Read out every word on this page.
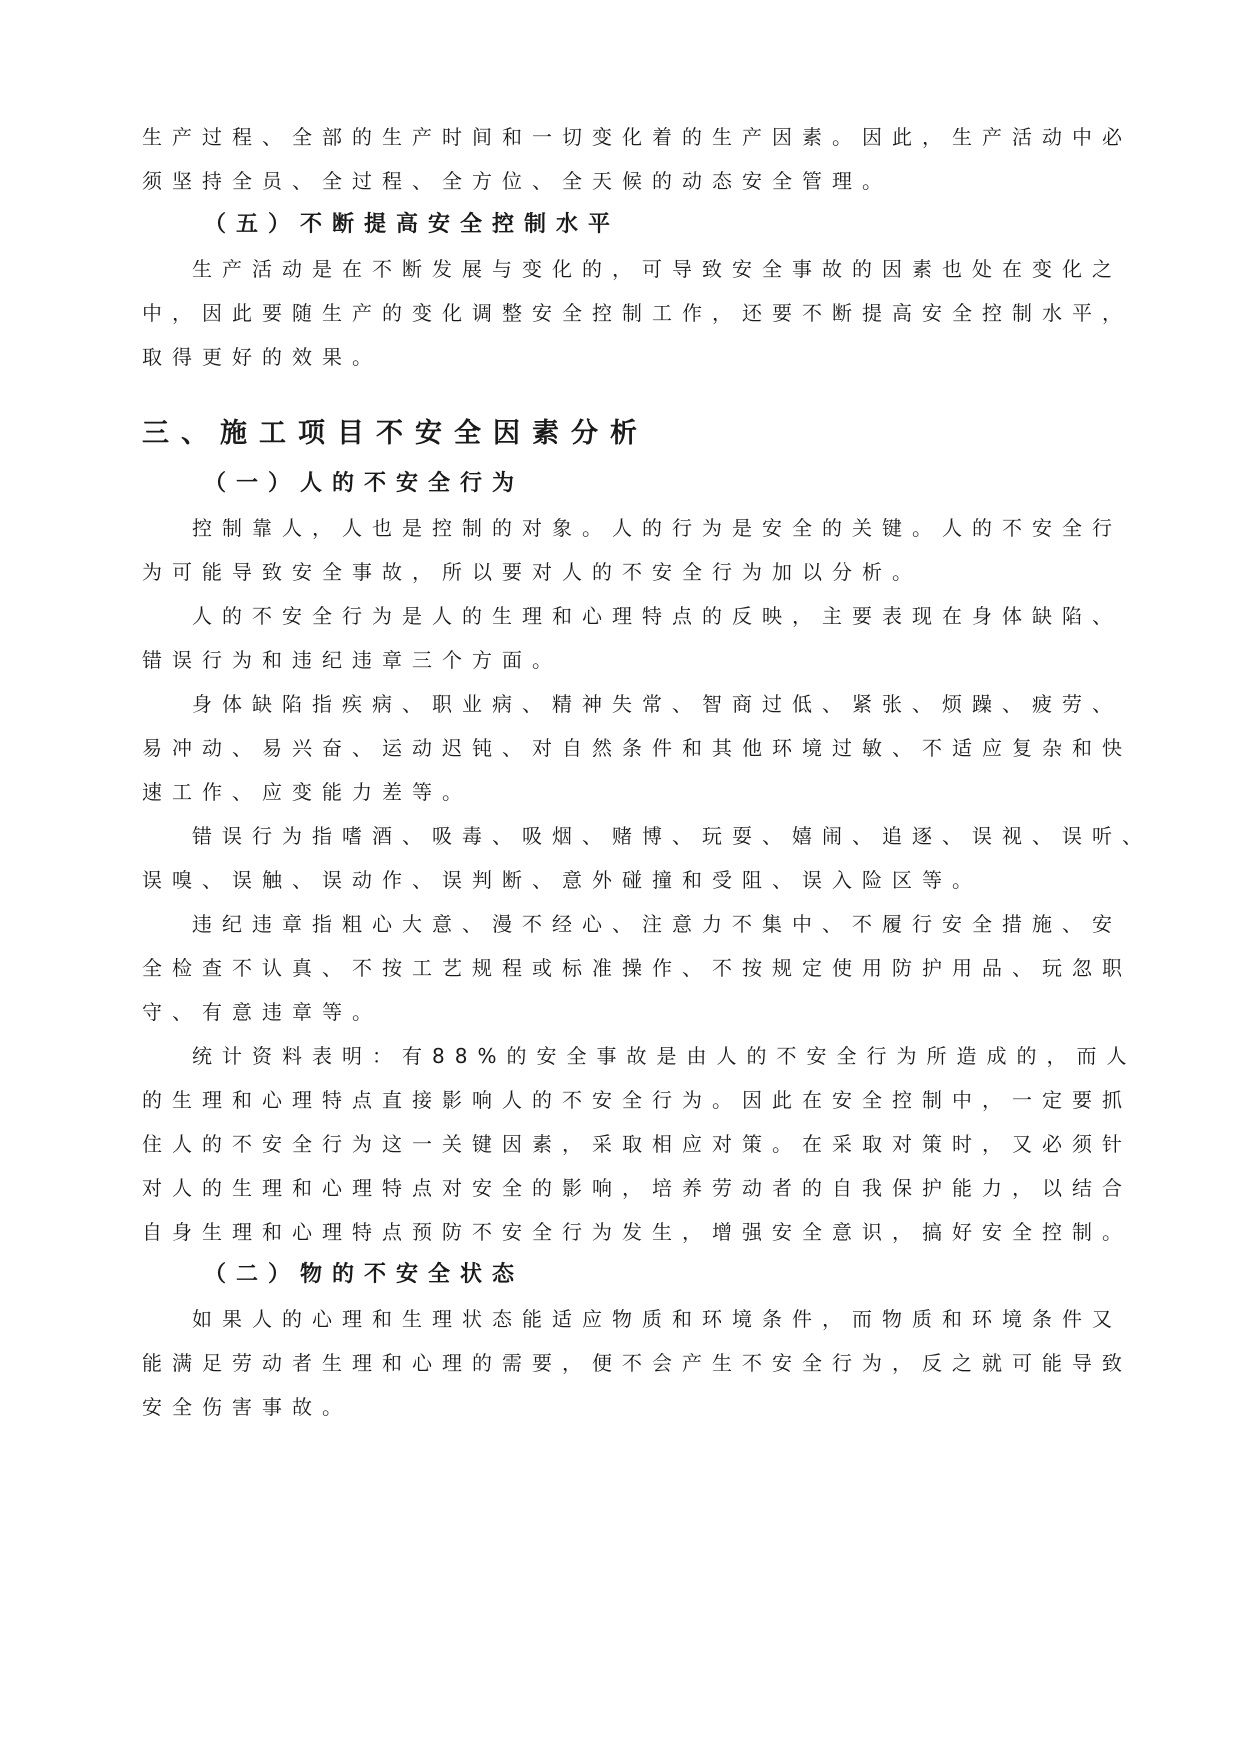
生产过程、全部的生产时间和一切变化着的生产因素。因此，生产活动中必
须坚持全员、全过程、全方位、全天候的动态安全管理。
（五）不断提高安全控制水平
生产活动是在不断发展与变化的，可导致安全事故的因素也处在变化之
中，因此要随生产的变化调整安全控制工作，还要不断提高安全控制水平，
取得更好的效果。
三、施工项目不安全因素分析
（一）人的不安全行为
控制靠人，人也是控制的对象。人的行为是安全的关键。人的不安全行
为可能导致安全事故，所以要对人的不安全行为加以分析。
人的不安全行为是人的生理和心理特点的反映，主要表现在身体缺陷、
错误行为和违纪违章三个方面。
身体缺陷指疾病、职业病、精神失常、智商过低、紧张、烦躁、疲劳、
易冲动、易兴奋、运动迟钝、对自然条件和其他环境过敏、不适应复杂和快
速工作、应变能力差等。
错误行为指嗜酒、吸毒、吸烟、赌博、玩耍、嬉闹、追逐、误视、误听、
误嗅、误触、误动作、误判断、意外碰撞和受阻、误入险区等。
违纪违章指粗心大意、漫不经心、注意力不集中、不履行安全措施、安
全检查不认真、不按工艺规程或标准操作、不按规定使用防护用品、玩忽职
守、有意违章等。
统计资料表明：有88%的安全事故是由人的不安全行为所造成的，而人
的生理和心理特点直接影响人的不安全行为。因此在安全控制中，一定要抓
住人的不安全行为这一关键因素，采取相应对策。在采取对策时，又必须针
对人的生理和心理特点对安全的影响，培养劳动者的自我保护能力，以结合
自身生理和心理特点预防不安全行为发生，增强安全意识，搞好安全控制。
（二）物的不安全状态
如果人的心理和生理状态能适应物质和环境条件，而物质和环境条件又
能满足劳动者生理和心理的需要，便不会产生不安全行为，反之就可能导致
安全伤害事故。
